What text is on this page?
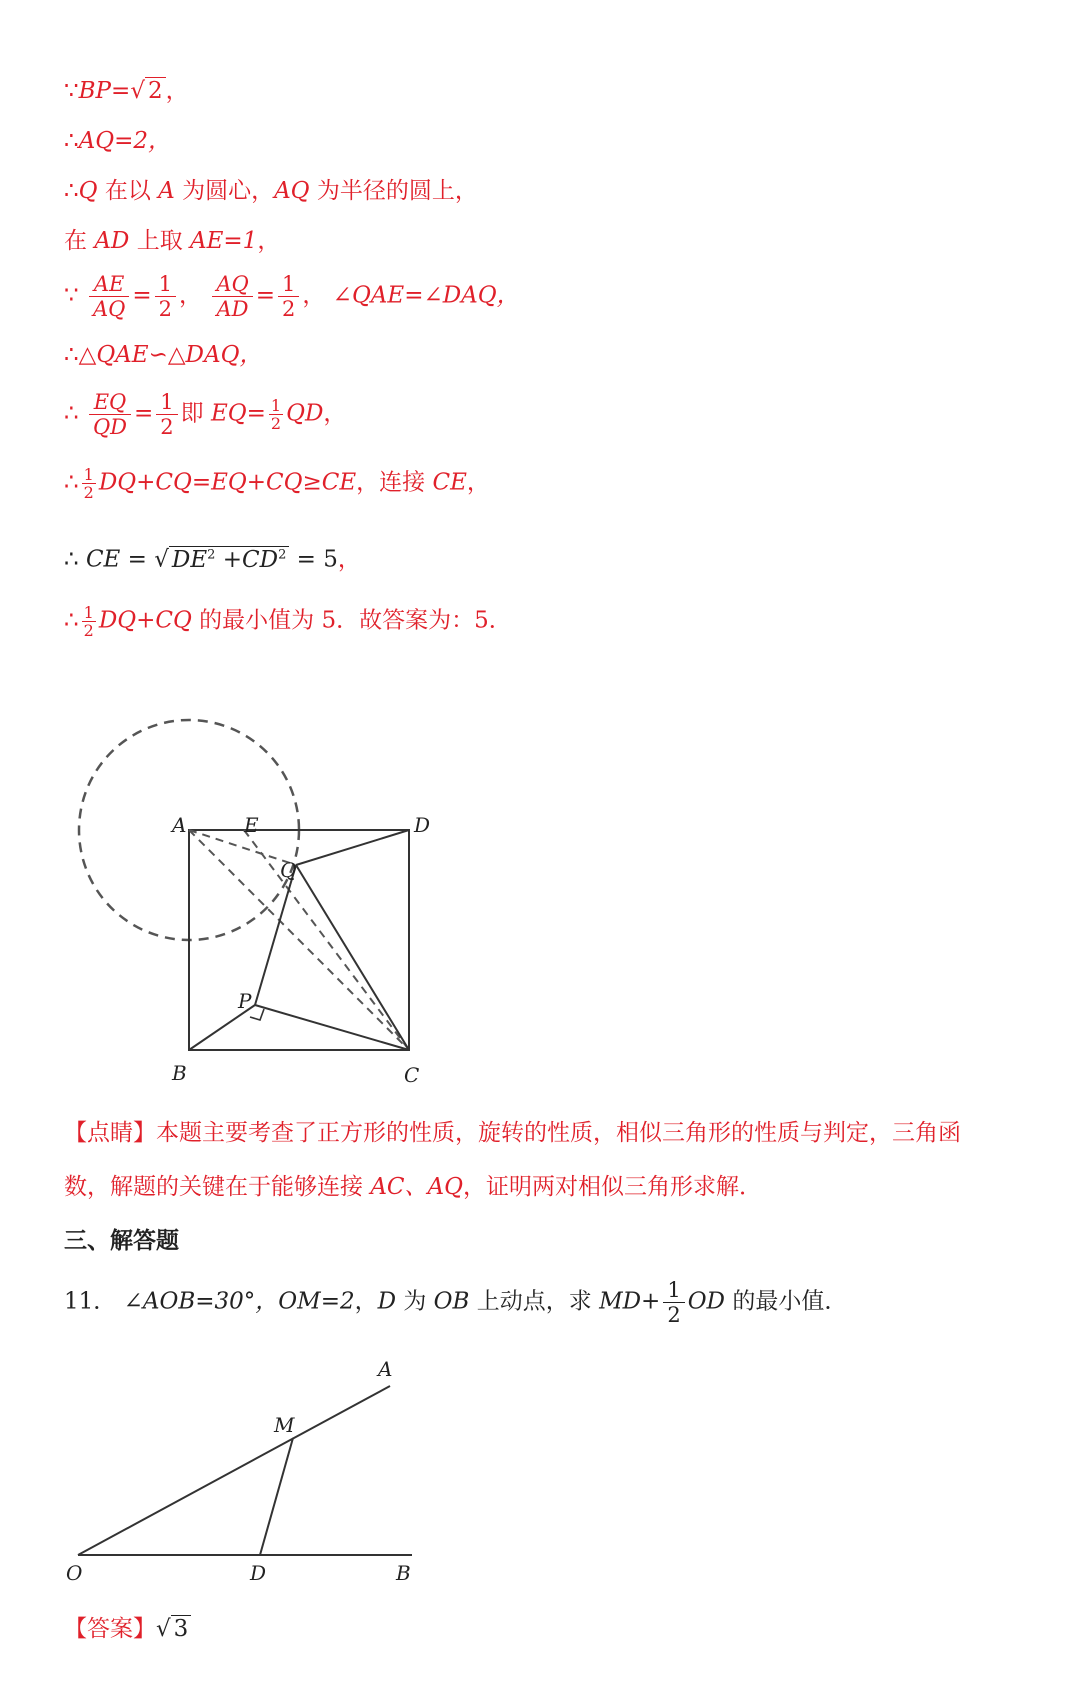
∵BP=√ 2 ，
∴AQ=2，
∴Q 在以 A 为圆心，AQ 为半径的圆上，
在 AD 上取 AE=1，
∵ $\frac{AE}{AQ} = \frac{1}{2}$ ， $\frac{AQ}{AD} = \frac{1}{2}$ ， ∠QAE=∠DAQ，
∴△QAE∽△DAQ，
∴ $\frac{EQ}{QD} = \frac{1}{2}$ 即 $EQ= \frac{1}{2}$ QD，
∴ $\frac{1}{2} DQ+CQ=EQ+CQ\ge CE$，连接 CE，
∴ CE = √ $DE^2 +CD^2 = 5$，
∴ $\frac{1}{2} DQ+CQ$ 的最小值为 5．故答案为：5．
A	E	D
Q
P
B	C
【点睛】本题主要考查了正方形的性质，旋转的性质，相似三角形的性质与判定，三角函
数，解题的关键在于能够连接 AC、AQ，证明两对相似三角形求解．
三、解答题
11． ∠AOB=30°，OM=2，D 为 OB 上动点，求 $MD+ \frac{1}{2}$ OD 的最小值．
A
M
O	D	B
【答案】√ 3
